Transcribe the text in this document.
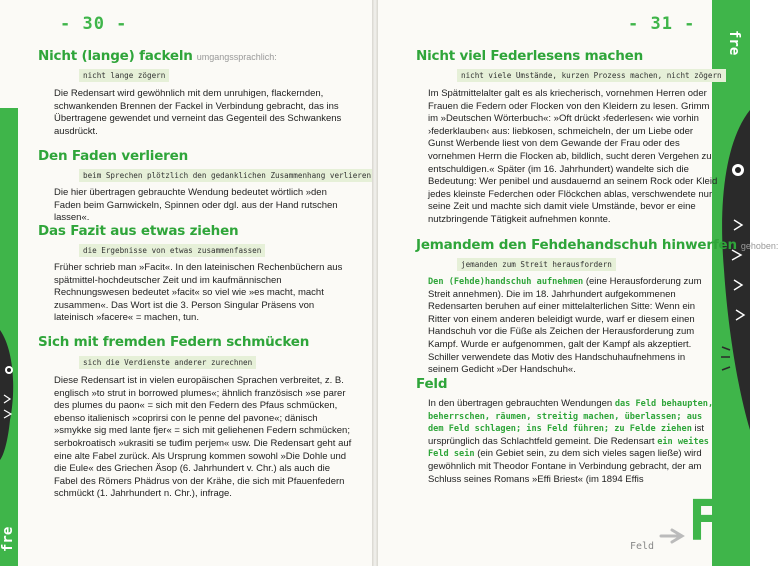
fre
- 30 -
Nicht (lange) fackeln umgangssprachlich:
nicht lange zögern

Die Redensart wird gewöhnlich mit dem unruhigen, flackernden, schwankenden Brennen der Fackel in Verbindung gebracht, das ins Übertragene gewendet und verneint das Gegenteil des Schwankens ausdrückt.

Den Faden verlieren
beim Sprechen plötzlich den gedanklichen Zusammenhang verlieren

Die hier übertragen gebrauchte Wendung bedeutet wörtlich »den Faden beim Garnwickeln, Spinnen oder dgl. aus der Hand rutschen lassen«.

Das Fazit aus etwas ziehen
die Ergebnisse von etwas zusammenfassen

Früher schrieb man »Facit«. In den lateinischen Rechenbüchern aus spätmittel-hochdeutscher Zeit und im kaufmännischen Rechnungswesen bedeutet »facit« so viel wie »es macht, macht zusammen«. Das Wort ist die 3. Person Singular Präsens von lateinisch »facere« = machen, tun.

Sich mit fremden Federn schmücken
sich die Verdienste anderer zurechnen

Diese Redensart ist in vielen europäischen Sprachen verbreitet, z. B. englisch »to strut in borrowed plumes«; ähnlich französisch »se parer des plumes du paon« = sich mit den Federn des Pfaus schmücken, ebenso italienisch »coprirsi con le penne del pavone«; dänisch »smykke sig med lante fjer« = sich mit geliehenen Federn schmücken; serbokroatisch »ukrasiti se tuđim perjem« usw. Die Redensart geht auf eine alte Fabel zurück. Als Ursprung kommen sowohl »Die Dohle und die Eule« des Griechen Äsop (6. Jahrhundert v. Chr.) als auch die Fabel des Römers Phädrus von der Krähe, die sich mit Pfauenfedern schmückt (1. Jahrhundert n. Chr.), infrage.

fre
- 31 -
Nicht viel Federlesens machen
nicht viele Umstände, kurzen Prozess machen, nicht zögern

Im Spätmittelalter galt es als kriecherisch, vornehmen Herren oder Frauen die Federn oder Flocken von den Kleidern zu lesen. Grimm im »Deutschen Wörterbuch«: »Oft drückt ›federlesen‹ wie vorhin ›federklauben‹ aus: liebkosen, schmeicheln, der um Liebe oder Gunst Werbende liest von dem Gewande der Frau oder des vornehmen Herrn die Flocken ab, bildlich, sucht deren Vergehen zu entschuldigen.« Später (im 16. Jahrhundert) wandelte sich die Bedeutung: Wer penibel und ausdauernd an seinem Rock oder Kleid jedes kleinste Federchen oder Flöckchen ablas, verschwendete nur seine Zeit und machte sich damit viele Umstände, bevor er eine nutzbringende Tätigkeit aufnehmen konnte.

Jemandem den Fehdehandschuh hinwerfen gehoben:
jemanden zum Streit herausfordern

Den (Fehde)handschuh aufnehmen (eine Herausforderung zum Streit annehmen). Die im 18. Jahrhundert aufgekommenen Redensarten beruhen auf einer mittelalterlichen Sitte: Wenn ein Ritter von einem anderen beleidigt wurde, warf er diesem einen Handschuh vor die Füße als Zeichen der Herausforderung zum Kampf. Wurde er aufgenommen, galt der Kampf als akzeptiert. Schiller verwendete das Motiv des Handschuhaufnehmens in seinem Gedicht »Der Handschuh«.

Feld

In den übertragen gebrauchten Wendungen das Feld behaupten, beherrschen, räumen, streitig machen, überlassen; aus dem Feld schlagen; ins Feld führen; zu Felde ziehen ist ursprünglich das Schlachtfeld gemeint. Die Redensart ein weites Feld sein (ein Gebiet sein, zu dem sich vieles sagen ließe) wird gewöhnlich mit Theodor Fontane in Verbindung gebracht, der am Schluss seines Romans »Effi Briest« (im 1894 Effis

Feld F
